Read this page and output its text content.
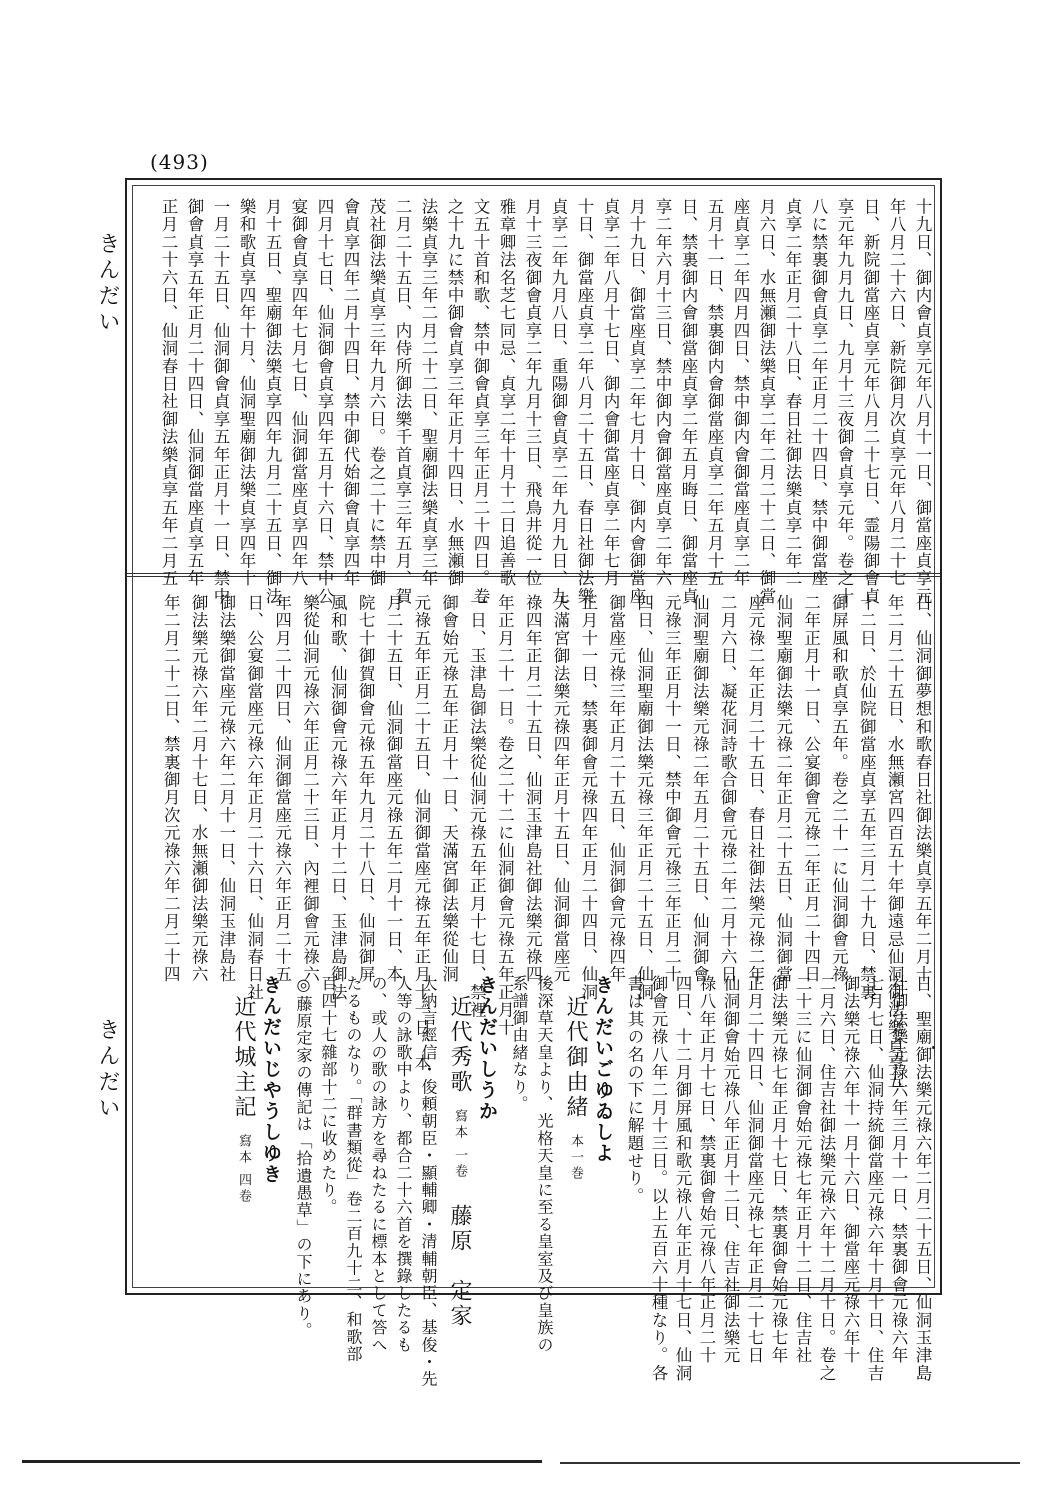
(493)
きんだい
きんだい
十九日、御内會貞享元年八月十一日、御當座貞享元
年八月二十六日、新院御月次貞享元年八月二十七
日、新院御當座貞享元年八月二十七日、霊陽御會貞
享元年九月九日、九月十三夜御會貞享元年。卷之十
八に禁裏御會貞享二年正月二十四日、禁中御當座
貞享二年正月二十八日、春日社御法樂貞享二年二
月六日、水無瀬御法樂貞享二年二月二十二日、御當
座貞享二年四月四日、禁中御内會御當座貞享二年
五月十一日、禁裏御内會御當座貞享二年五月十五
日、禁裏御内會御當座貞享二年五月晦日、御當座貞
享二年六月十三日、禁中御内會御當座貞享二年六
月十九日、御當座貞享二年七月十日、御内會御當座
貞享二年八月十七日、御内會御當座貞享二年七月
十日、御當座貞享二年八月二十五日、春日社御法樂
貞享二年九月八日、重陽御會貞享二年九月九日、九
月十三夜御會貞享二年九月十三日、飛鳥井從一位
雅章卿法名芝七同忌、貞享二年十月十二日追善歌
文五十首和歌、禁中御會貞享三年正月二十四日。卷
之十九に禁中御會貞享三年正月十四日、水無瀬御
法樂貞享三年二月二十二日、聖廟御法樂貞享三年
二月二十五日、内侍所御法樂千首貞享三年五月、賀
茂社御法樂貞享三年九月六日。卷之二十に禁中御
會貞享四年二月十四日、禁中御代始御會貞享四年
四月十七日、仙洞御會貞享四年五月十六日、禁中公
宴御會貞享四年七月七日、仙洞御當座貞享四年八
月十五日、聖廟御法樂貞享四年九月二十五日、御法
樂和歌貞享四年十月、仙洞聖廟御法樂貞享四年十
一月二十五日、仙洞御會貞享五年正月十一日、禁中
御會貞享五年正月二十四日、仙洞御當座貞享五年
正月二十六日、仙洞春日社御法樂貞享五年二月五
日、仙洞御夢想和歌春日社御法樂貞享五年二月十
年二月二十五日、水無瀬宮四百五十年御遠忌仙洞御法樂貞享五
十二日、於仙院御當座貞享五年三月二十九日、禁裏
御屏風和歌貞享五年。卷之二十一に仙洞御會元祿
二年正月十一日、公宴御會元祿二年正月二十四日
仙洞聖廟御法樂元祿二年正月二十五日、仙洞御當
座元祿二年正月二十五日、春日社御法樂元祿二年
二月六日、凝花洞詩歌合御會元祿二年二月十六日
仙洞聖廟御法樂元祿二年五月二十五日、仙洞御會
元祿三年正月十一日、禁中御會元祿三年正月二十
四日、仙洞聖廟御法樂元祿三年正月二十五日、仙洞
御當座元祿三年正月二十五日、仙洞御會元祿四年
正月十一日、禁裏御會元祿四年正月二十四日、仙洞
天滿宮御法樂元祿四年正月十五日、仙洞御當座元
祿四年正月二十五日、仙洞玉津島社御法樂元祿四
年正月二十一日。卷之二十二に仙洞御會元祿五年正月十
一日、玉津島御法樂從仙洞元祿五年正月十七日、禁裡
御會始元祿五年正月十一日、天滿宮御法樂從仙洞
元祿五年正月二十五日、仙洞御當座元祿五年正月十一日、本
月二十五日、仙洞御當座元祿五年二月十一日、本
院七十御賀御會元祿五年九月二十八日、仙洞御屏
風和歌、仙洞御會元祿六年正月十二日、玉津島御法
樂從仙洞元祿六年正月二十三日、內裡御會元祿六
年四月二十四日、仙洞御當座元祿六年正月二十五
日、公宴御當座元祿六年正月二十六日、仙洞春日社
御法樂御當座元祿六年二月十一日、仙洞玉津島社
御法樂元祿六年二月十七日、水無瀬御法樂元祿六
年二月二十二日、禁裏御月次元祿六年二月二十四
日、聖廟御法樂元祿六年二月二十五日、仙洞玉津島
社御法樂元祿六年三月十一日、禁裏御會元祿六年
七月七日、仙洞持統御當座元祿六年十月十日、住吉
御法樂元祿六年十一月十六日、御當座元祿六年十
二月六日、住吉社御法樂元祿六年十二月十日。卷之
二十三に仙洞御會始元祿七年正月十二日、住吉社
御法樂元祿七年正月十七日、禁裏御會始元祿七年
正月二十四日、仙洞御當座元祿七年正月二十七日
仙洞御會始元祿八年正月十二日、住吉社御法樂元
祿八年正月十七日、禁裏御會始元祿八年正月二十
四日、十二月御屏風和歌元祿八年正月十七日、仙洞
御會元祿八年二月十三日。以上五百六十種なり。各
書は其の名の下に解題せり。
きんだいごゆゐしよ
近代御由緒本一巻
後深草天皇より、光格天皇に至る皇室及び皇族の
系譜御由緒なり。
きんだいしうか
近代秀歌寫本 一卷藤原　定家
大納言經信・俊頼朝臣・顯輔卿・清輔朝臣、基俊・先
人等の詠歌中より、都合二十六首を撰錄したるも
の、或人の歌の詠方を尋ねたるに標本として答へ
たるものなり。「群書類從」卷二百九十二、和歌部
百四十七雜部十二に收めたり。
◎藤原定家の傳記は「拾遺愚草」の下にあり。
きんだいじやうしゆき
近代城主記寫本 四卷
